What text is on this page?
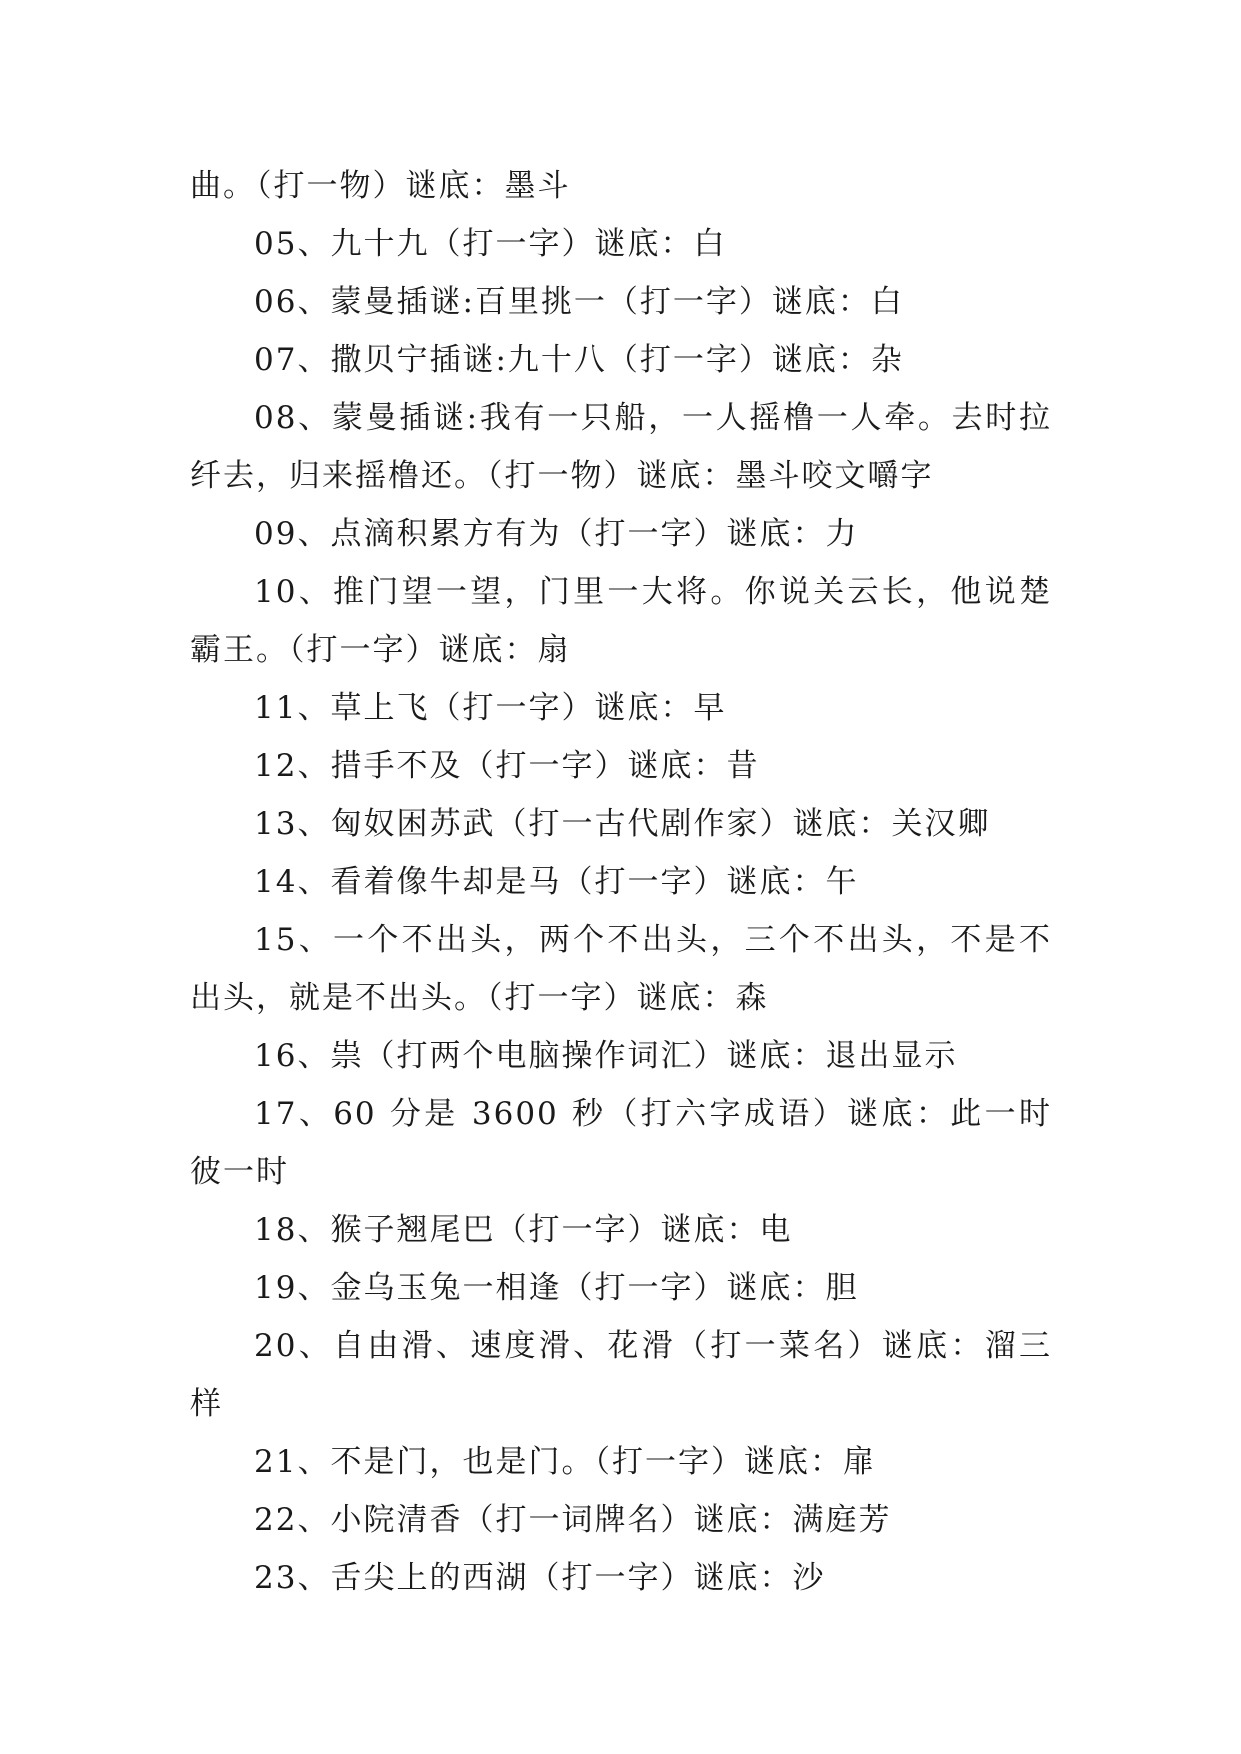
曲。（打一物）谜底：墨斗

05、九十九（打一字）谜底：白

06、蒙曼插谜:百里挑一（打一字）谜底：白

07、撒贝宁插谜:九十八（打一字）谜底：杂

08、蒙曼插谜:我有一只船，一人摇橹一人牵。去时拉纤去，归来摇橹还。（打一物）谜底：墨斗咬文嚼字

09、点滴积累方有为（打一字）谜底：力

10、推门望一望，门里一大将。你说关云长，他说楚霸王。（打一字）谜底：扇

11、草上飞（打一字）谜底：早

12、措手不及（打一字）谜底：昔

13、匈奴困苏武（打一古代剧作家）谜底：关汉卿

14、看着像牛却是马（打一字）谜底：午

15、一个不出头，两个不出头，三个不出头，不是不出头，就是不出头。（打一字）谜底：森

16、祟（打两个电脑操作词汇）谜底：退出显示

17、60 分是 3600 秒（打六字成语）谜底：此一时彼一时

18、猴子翘尾巴（打一字）谜底：电

19、金乌玉兔一相逢（打一字）谜底：胆

20、自由滑、速度滑、花滑（打一菜名）谜底：溜三样

21、不是门，也是门。（打一字）谜底：扉

22、小院清香（打一词牌名）谜底：满庭芳

23、舌尖上的西湖（打一字）谜底：沙
